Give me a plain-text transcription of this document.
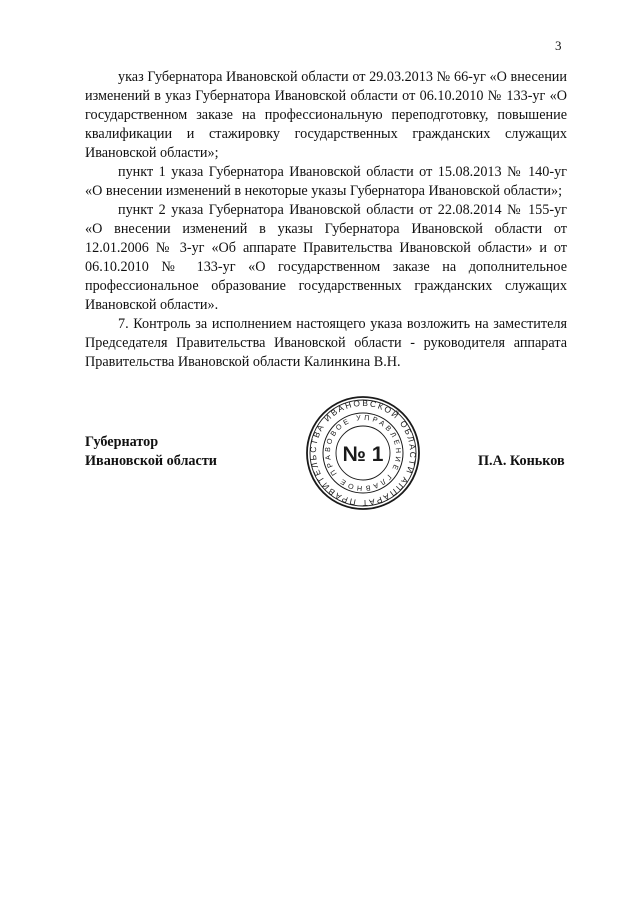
3

указ Губернатора Ивановской области от 29.03.2013 № 66-уг «О внесении изменений в указ Губернатора Ивановской области от 06.10.2010 № 133-уг «О государственном заказе на профессиональную переподготовку, повышение квалификации и стажировку государственных гражданских служащих Ивановской области»;

пункт 1 указа Губернатора Ивановской области от 15.08.2013 № 140-уг «О внесении изменений в некоторые указы Губернатора Ивановской области»;

пункт 2 указа Губернатора Ивановской области от 22.08.2014 № 155-уг «О внесении изменений в указы Губернатора Ивановской области от 12.01.2006 № 3-уг «Об аппарате Правительства Ивановской области» и от 06.10.2010 № 133-уг «О государственном заказе на дополнительное профессиональное образование государственных гражданских служащих Ивановской области».

7. Контроль за исполнением настоящего указа возложить на заместителя Председателя Правительства Ивановской области - руководителя аппарата Правительства Ивановской области Калинкина В.Н.

Губернатор
Ивановской области	П.А. Коньков
АППАРАТ ПРАВИТЕЛЬСТВА ИВАНОВСКОЙ ОБЛАСТИ
ГЛАВНОЕ ПРАВОВОЕ УПРАВЛЕНИЕ
№ 1
